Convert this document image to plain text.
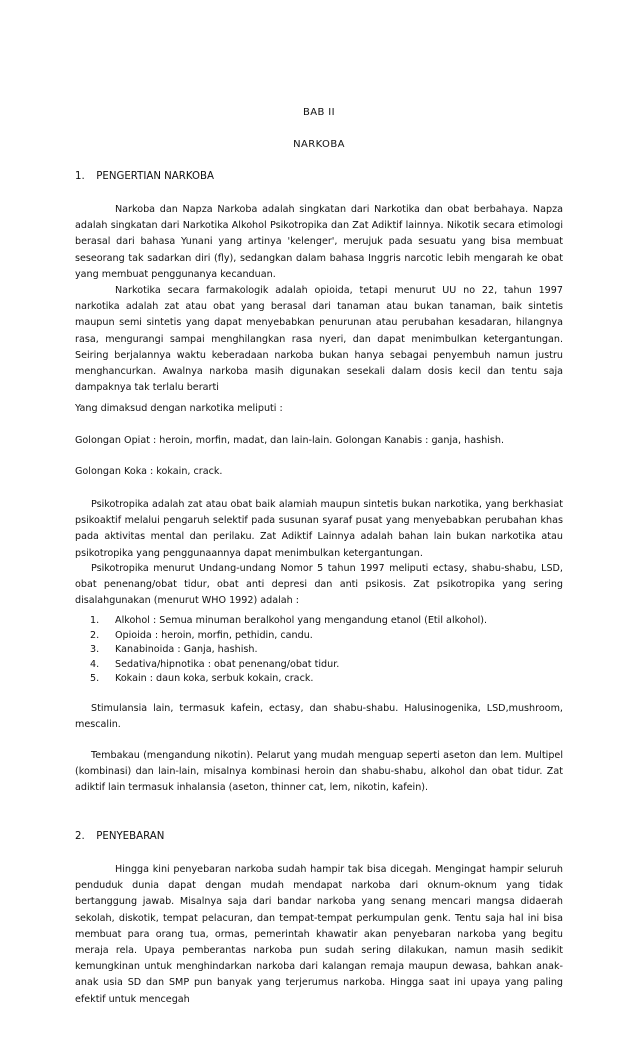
BAB II
NARKOBA
1. PENGERTIAN NARKOBA
Narkoba dan Napza Narkoba adalah singkatan dari Narkotika dan obat berbahaya. Napza adalah singkatan dari Narkotika Alkohol Psikotropika dan Zat Adiktif lainnya. Nikotik secara etimologi berasal dari bahasa Yunani yang artinya 'kelenger', merujuk pada sesuatu yang bisa membuat seseorang tak sadarkan diri (fly), sedangkan dalam bahasa Inggris narcotic lebih mengarah ke obat yang membuat penggunanya kecanduan.
Narkotika secara farmakologik adalah opioida, tetapi menurut UU no 22, tahun 1997 narkotika adalah zat atau obat yang berasal dari tanaman atau bukan tanaman, baik sintetis maupun semi sintetis yang dapat menyebabkan penurunan atau perubahan kesadaran, hilangnya rasa, mengurangi sampai menghilangkan rasa nyeri, dan dapat menimbulkan ketergantungan. Seiring berjalannya waktu keberadaan narkoba bukan hanya sebagai penyembuh namun justru menghancurkan. Awalnya narkoba masih digunakan sesekali dalam dosis kecil dan tentu saja dampaknya tak terlalu berarti
Yang dimaksud dengan narkotika meliputi :
Golongan Opiat : heroin, morfin, madat, dan lain-lain. Golongan Kanabis : ganja, hashish.
Golongan Koka : kokain, crack.
Psikotropika adalah zat atau obat baik alamiah maupun sintetis bukan narkotika, yang berkhasiat psikoaktif melalui pengaruh selektif pada susunan syaraf pusat yang menyebabkan perubahan khas pada aktivitas mental dan perilaku. Zat Adiktif Lainnya adalah bahan lain bukan narkotika atau psikotropika yang penggunaannya dapat menimbulkan ketergantungan.
Psikotropika menurut Undang-undang Nomor 5 tahun 1997 meliputi ectasy, shabu-shabu, LSD, obat penenang/obat tidur, obat anti depresi dan anti psikosis. Zat psikotropika yang sering disalahgunakan (menurut WHO 1992) adalah :
1. Alkohol : Semua minuman beralkohol yang mengandung etanol (Etil alkohol).
2. Opioida : heroin, morfin, pethidin, candu.
3. Kanabinoida : Ganja, hashish.
4. Sedativa/hipnotika : obat penenang/obat tidur.
5. Kokain : daun koka, serbuk kokain, crack.
Stimulansia lain, termasuk kafein, ectasy, dan shabu-shabu. Halusinogenika, LSD,mushroom, mescalin.
Tembakau (mengandung nikotin). Pelarut yang mudah menguap seperti aseton dan lem. Multipel (kombinasi) dan lain-lain, misalnya kombinasi heroin dan shabu-shabu, alkohol dan obat tidur. Zat adiktif lain termasuk inhalansia (aseton, thinner cat, lem, nikotin, kafein).
2. PENYEBARAN
Hingga kini penyebaran narkoba sudah hampir tak bisa dicegah. Mengingat hampir seluruh penduduk dunia dapat dengan mudah mendapat narkoba dari oknum-oknum yang tidak bertanggung jawab. Misalnya saja dari bandar narkoba yang senang mencari mangsa didaerah sekolah, diskotik, tempat pelacuran, dan tempat-tempat perkumpulan genk. Tentu saja hal ini bisa membuat para orang tua, ormas, pemerintah khawatir akan penyebaran narkoba yang begitu meraja rela. Upaya pemberantas narkoba pun sudah sering dilakukan, namun masih sedikit kemungkinan untuk menghindarkan narkoba dari kalangan remaja maupun dewasa, bahkan anak-anak usia SD dan SMP pun banyak yang terjerumus narkoba. Hingga saat ini upaya yang paling efektif untuk mencegah
